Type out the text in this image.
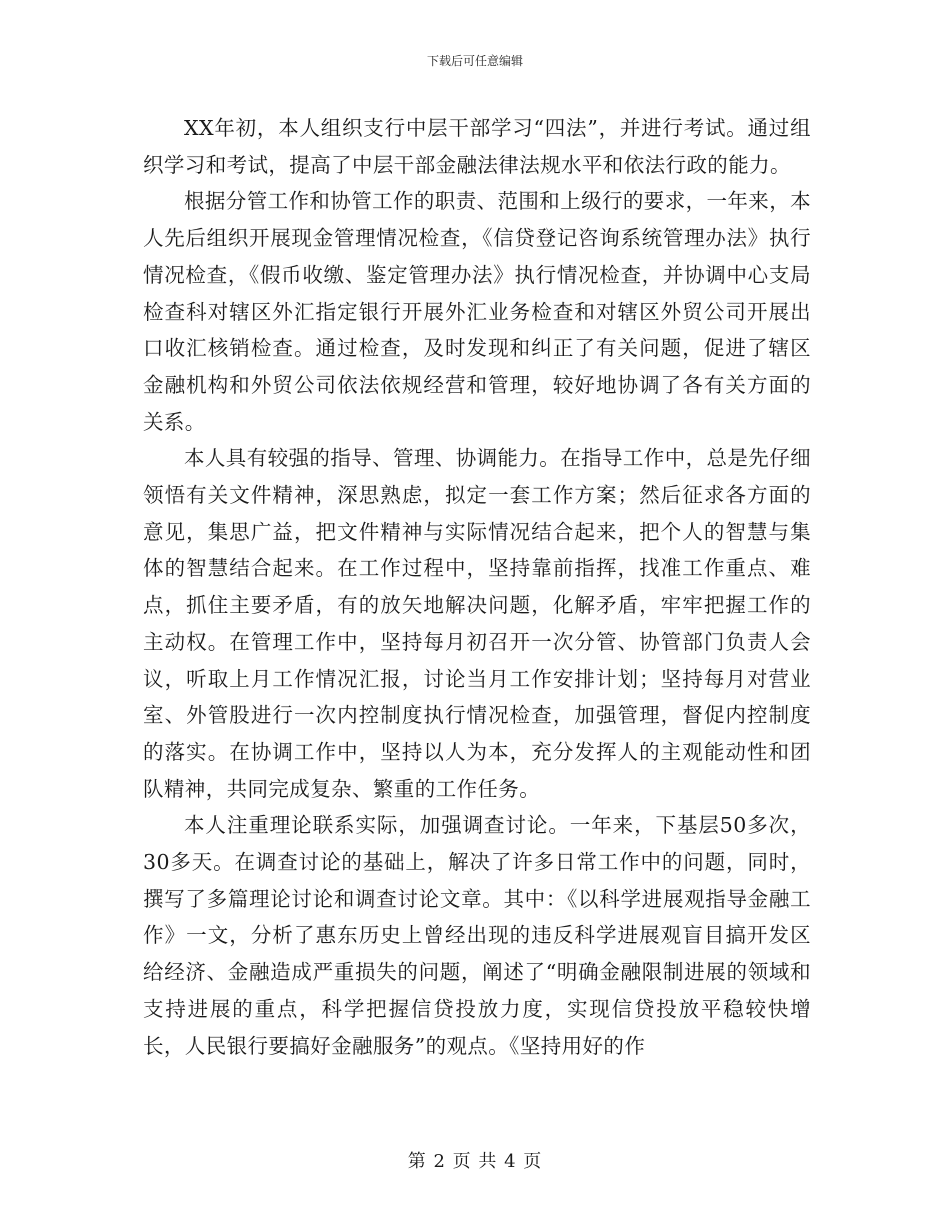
下载后可任意编辑

XX年初，本人组织支行中层干部学习“四法”，并进行考试。通过组织学习和考试，提高了中层干部金融法律法规水平和依法行政的能力。

根据分管工作和协管工作的职责、范围和上级行的要求，一年来，本人先后组织开展现金管理情况检查，《信贷登记咨询系统管理办法》执行情况检查，《假币收缴、鉴定管理办法》执行情况检查，并协调中心支局检查科对辖区外汇指定银行开展外汇业务检查和对辖区外贸公司开展出口收汇核销检查。通过检查，及时发现和纠正了有关问题，促进了辖区金融机构和外贸公司依法依规经营和管理，较好地协调了各有关方面的关系。

本人具有较强的指导、管理、协调能力。在指导工作中，总是先仔细领悟有关文件精神，深思熟虑，拟定一套工作方案；然后征求各方面的意见，集思广益，把文件精神与实际情况结合起来，把个人的智慧与集体的智慧结合起来。在工作过程中，坚持靠前指挥，找准工作重点、难点，抓住主要矛盾，有的放矢地解决问题，化解矛盾，牢牢把握工作的主动权。在管理工作中，坚持每月初召开一次分管、协管部门负责人会议，听取上月工作情况汇报，讨论当月工作安排计划；坚持每月对营业室、外管股进行一次内控制度执行情况检查，加强管理，督促内控制度的落实。在协调工作中，坚持以人为本，充分发挥人的主观能动性和团队精神，共同完成复杂、繁重的工作任务。

本人注重理论联系实际，加强调查讨论。一年来，下基层50多次，30多天。在调查讨论的基础上，解决了许多日常工作中的问题，同时，撰写了多篇理论讨论和调查讨论文章。其中：《以科学进展观指导金融工作》一文，分析了惠东历史上曾经出现的违反科学进展观盲目搞开发区给经济、金融造成严重损失的问题，阐述了“明确金融限制进展的领域和支持进展的重点，科学把握信贷投放力度，实现信贷投放平稳较快增长，人民银行要搞好金融服务”的观点。《坚持用好的作

第 2 页 共 4 页
